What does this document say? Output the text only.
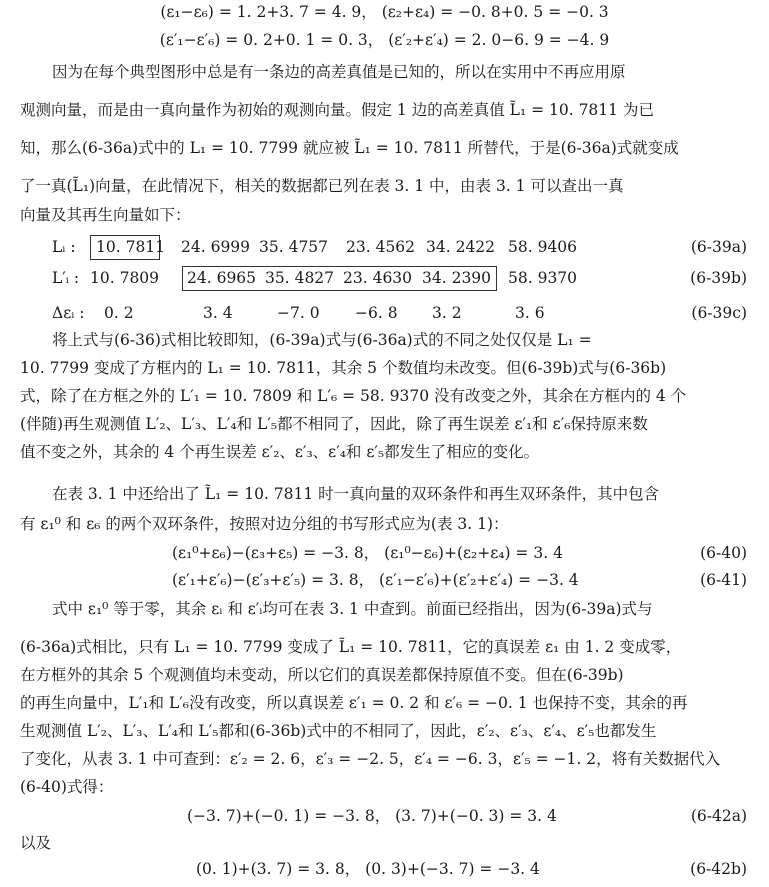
(ε₁−ε₆) = 1. 2+3. 7 = 4. 9， (ε₂+ε₄) = −0. 8+0. 5 = −0. 3
(ε′₁−ε′₆) = 0. 2+0. 1 = 0. 3， (ε′₂+ε′₄) = 2. 0−6. 9 = −4. 9
因为在每个典型图形中总是有一条边的高差真值是已知的，所以在实用中不再应用原
观测向量，而是由一真向量作为初始的观测向量。假定 1 边的高差真值 L̃₁ = 10. 7811 为已
知，那么(6-36a)式中的 L₁ = 10. 7799 就应被 L̃₁ = 10. 7811 所替代，于是(6-36a)式就变成
了一真(L̃₁)向量，在此情况下，相关的数据都已列在表 3. 1 中，由表 3. 1 可以查出一真
向量及其再生向量如下：
Lᵢ : 10. 7811 24. 6999 35. 4757 23. 4562 34. 2422 58. 9406	(6-39a)
L′ᵢ : 10. 7809 24. 6965 35. 4827 23. 4630 34. 2390 58. 9370	(6-39b)
Δεᵢ : 0. 2	3. 4	−7. 0 −6. 8 3. 2	3. 6	(6-39c)
将上式与(6-36)式相比较即知，(6-39a)式与(6-36a)式的不同之处仅仅是 L₁ =
10. 7799 变成了方框内的 L₁ = 10. 7811，其余 5 个数值均未改变。但(6-39b)式与(6-36b)
式，除了在方框之外的 L′₁ = 10. 7809 和 L′₆ = 58. 9370 没有改变之外，其余在方框内的 4 个
(伴随)再生观测值 L′₂、L′₃、L′₄和 L′₅都不相同了，因此，除了再生误差 ε′₁和 ε′₆保持原来数
值不变之外，其余的 4 个再生误差 ε′₂、ε′₃、ε′₄和 ε′₅都发生了相应的变化。
在表 3. 1 中还给出了 L̃₁ = 10. 7811 时一真向量的双环条件和再生双环条件，其中包含
有 ε₁⁰ 和 ε₆ 的两个双环条件，按照对边分组的书写形式应为(表 3. 1)：
(ε₁⁰+ε₆)−(ε₃+ε₅) = −3. 8， (ε₁⁰−ε₆)+(ε₂+ε₄) = 3. 4	(6-40)
(ε′₁+ε′₆)−(ε′₃+ε′₅) = 3. 8， (ε′₁−ε′₆)+(ε′₂+ε′₄) = −3. 4	(6-41)
式中 ε₁⁰ 等于零，其余 εᵢ 和 ε′ᵢ均可在表 3. 1 中查到。前面已经指出，因为(6-39a)式与
(6-36a)式相比，只有 L₁ = 10. 7799 变成了 L̃₁ = 10. 7811，它的真误差 ε₁ 由 1. 2 变成零，
在方框外的其余 5 个观测值均未变动，所以它们的真误差都保持原值不变。但在(6-39b)
的再生向量中，L′₁和 L′₆没有改变，所以真误差 ε′₁ = 0. 2 和 ε′₆ = −0. 1 也保持不变，其余的再
生观测值 L′₂、L′₃、L′₄和 L′₅都和(6-36b)式中的不相同了，因此，ε′₂、ε′₃、ε′₄、ε′₅也都发生
了变化，从表 3. 1 中可查到：ε′₂ = 2. 6，ε′₃ = −2. 5，ε′₄ = −6. 3，ε′₅ = −1. 2，将有关数据代入
(6-40)式得：
(−3. 7)+(−0. 1) = −3. 8， (3. 7)+(−0. 3) = 3. 4	(6-42a)
以及
(0. 1)+(3. 7) = 3. 8， (0. 3)+(−3. 7) = −3. 4	(6-42b)
